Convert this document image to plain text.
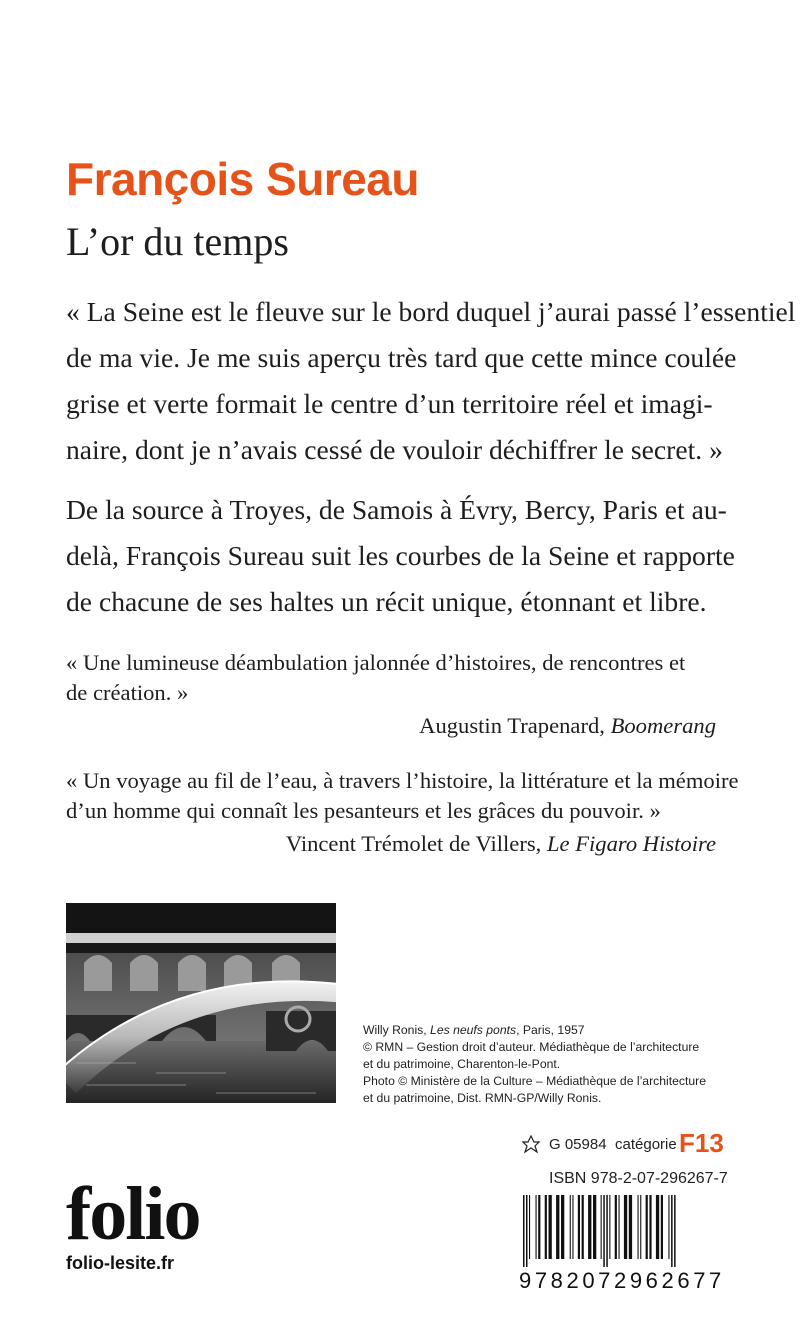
François Sureau
L’or du temps
« La Seine est le fleuve sur le bord duquel j’aurai passé l’essentiel
de ma vie. Je me suis aperçu très tard que cette mince coulée
grise et verte formait le centre d’un territoire réel et imagi-
naire, dont je n’avais cessé de vouloir déchiffrer le secret. »
De la source à Troyes, de Samois à Évry, Bercy, Paris et au-
delà, François Sureau suit les courbes de la Seine et rapporte
de chacune de ses haltes un récit unique, étonnant et libre.
« Une lumineuse déambulation jalonnée d’histoires, de rencontres et
de création. »
Augustin Trapenard, Boomerang
« Un voyage au fil de l’eau, à travers l’histoire, la littérature et la mémoire
d’un homme qui connaît les pesanteurs et les grâces du pouvoir. »
Vincent Trémolet de Villers, Le Figaro Histoire
Willy Ronis, Les neufs ponts, Paris, 1957
© RMN – Gestion droit d’auteur. Médiathèque de l’architecture
et du patrimoine, Charenton-le-Pont.
Photo © Ministère de la Culture – Médiathèque de l’architecture
et du patrimoine, Dist. RMN-GP/Willy Ronis.
folio
folio-lesite.fr
G 05984 catégorie F13
ISBN 978-2-07-296267-7
9782072962677
